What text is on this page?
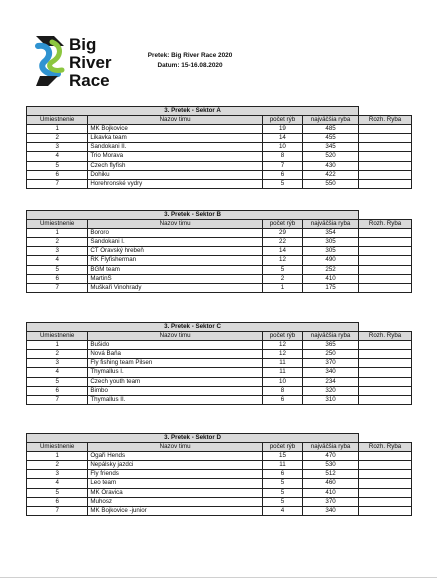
Big
River
Race
Pretek: Big River Race 2020
Datum: 15-16.08.2020
3. Pretek - Sektor A				
Umiestnenie	Nazov timu	počet rýb	najväčšia ryba	Rozh. Ryba
1	MK Bojkovice	19	485	
2	Likavka team	14	455	
3	Sandokani II.	10	345	
4	Trio Morava	8	520	
5	Czech flyfish	7	430	
6	Dohiku	6	422	
7	Horehronské vydry	5	550	
3. Pretek - Sektor B				
Umiestnenie	Nazov timu	počet rýb	najväčšia ryba	Rozh. Ryba
1	Bororo	29	354	
2	Sandokani I.	22	305	
3	CT Oravský hrebeň	14	305	
4	RK Flyfisherman	12	490	
5	BGM team	5	252	
6	MartinS	2	410	
7	Muškaři Vinohrady	1	175	
3. Pretek - Sektor C				
Umiestnenie	Nazov timu	počet rýb	najväčšia ryba	Rozh. Ryba
1	Bušido	12	365	
2	Nová Baňa	12	250	
3	Fly fishing team Pilsen	11	370	
4	Thymallus I.	11	340	
5	Czech youth team	10	234	
6	Bimbo	8	320	
7	Thymallus II.	6	310	
3. Pretek - Sektor D				
Umiestnenie	Nazov timu	počet rýb	najväčšia ryba	Rozh. Ryba
1	Ogaři Hends	15	470	
2	Nepálsky jazdci	11	530	
3	Fly friends	6	512	
4	Leo team	5	460	
5	MK Oravica	5	410	
6	Muhosz	5	370	
7	MK Bojkovice -junior	4	340	
